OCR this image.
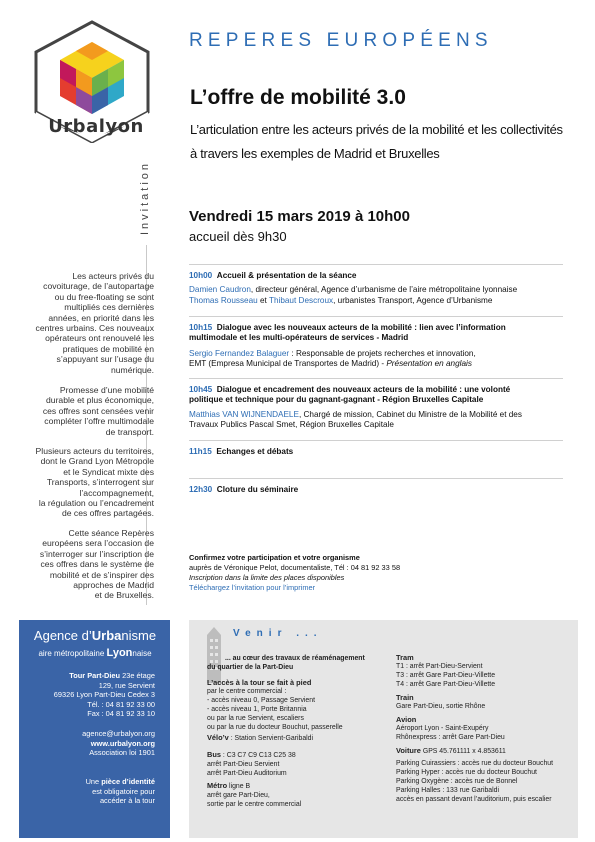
Urbalyon
REPERES EUROPÉENS
L’offre de mobilité 3.0
L’articulation entre les acteurs privés de la mobilité et les collectivités
à travers les exemples de Madrid et Bruxelles
Invitation	Vendredi 15 mars 2019 à 10h00
accueil dès 9h30
Les acteurs privés du
covoiturage, de l’autopartage
ou du free-floating se sont
multipliés ces dernières
années, en priorité dans les
centres urbains. Ces nouveaux
opérateurs ont renouvelé les
pratiques de mobilité en
s’appuyant sur l’usage du
numérique.
Promesse d’une mobilité
durable et plus économique,
ces offres sont censées venir
compléter l’offre multimodale
de transport.
Plusieurs acteurs du territoires,
dont le Grand Lyon Métropole
et le Syndicat mixte des
Transports, s’interrogent sur
l’accompagnement,
la régulation ou l’encadrement
de ces offres partagées.
Cette séance Repères
européens sera l’occasion de
s’interroger sur l’inscription de
ces offres dans le système de
mobilité et de s’inspirer des
approches de Madrid
et de Bruxelles.
10h00 Accueil & présentation de la séance
Damien Caudron, directeur général, Agence d’urbanisme de l’aire métropolitaine lyonnaise
Thomas Rousseau et Thibaut Descroux, urbanistes Transport, Agence d’Urbanisme
10h15 Dialogue avec les nouveaux acteurs de la mobilité : lien avec l’information
multimodale et les multi-opérateurs de services - Madrid
Sergio Fernandez Balaguer : Responsable de projets recherches et innovation,
EMT (Empresa Municipal de Transportes de Madrid) - Présentation en anglais
10h45 Dialogue et encadrement des nouveaux acteurs de la mobilité : une volonté
politique et technique pour du gagnant-gagnant - Région Bruxelles Capitale
Matthias VAN WIJNENDAELE, Chargé de mission, Cabinet du Ministre de la Mobilité et des
Travaux Publics Pascal Smet, Région Bruxelles Capitale
11h15 Echanges et débats
12h30 Cloture du séminaire
Confirmez votre participation et votre organisme
auprès de Véronique Pelot, documentaliste, Tél : 04 81 92 33 58
Inscription dans la limite des places disponibles
Téléchargez l’invitation pour l’imprimer
Agence d’Urbanisme
aire métropolitaine Lyonnaise
Tour Part-Dieu 23e étage
129, rue Servient
69326 Lyon Part-Dieu Cedex 3
Tél. : 04 81 92 33 00
Fax : 04 81 92 33 10
agence@urbalyon.org
www.urbalyon.org
Association loi 1901
Une pièce d’identité
est obligatoire pour
accéder à la tour
Venir ...
... au cœur des travaux de réaménagement
du quartier de la Part-Dieu
L’accès à la tour se fait à pied
par le centre commercial :
- accès niveau 0, Passage Servient
- accès niveau 1, Porte Britannia
ou par la rue Servient, escaliers
ou par la rue du docteur Bouchut, passerelle
Vélo’v : Station Servient-Garibaldi
Bus : C3 C7 C9 C13 C25 38
arrêt Part-Dieu Servient
arrêt Part-Dieu Auditorium
Métro ligne B
arrêt gare Part-Dieu,
sortie par le centre commercial
Tram
T1 : arrêt Part-Dieu-Servient
T3 : arrêt Gare Part-Dieu-Villette
T4 : arrêt Gare Part-Dieu-Villette
Train
Gare Part-Dieu, sortie Rhône
Avion
Aéroport Lyon - Saint-Exupéry
Rhônexpress : arrêt Gare Part-Dieu
Voiture GPS 45.761111 x 4.853611
Parking Cuirassiers : accès rue du docteur Bouchut
Parking Hyper : accès rue du docteur Bouchut
Parking Oxygène : accès rue de Bonnel
Parking Halles : 133 rue Garibaldi
accès en passant devant l’auditorium, puis escalier
